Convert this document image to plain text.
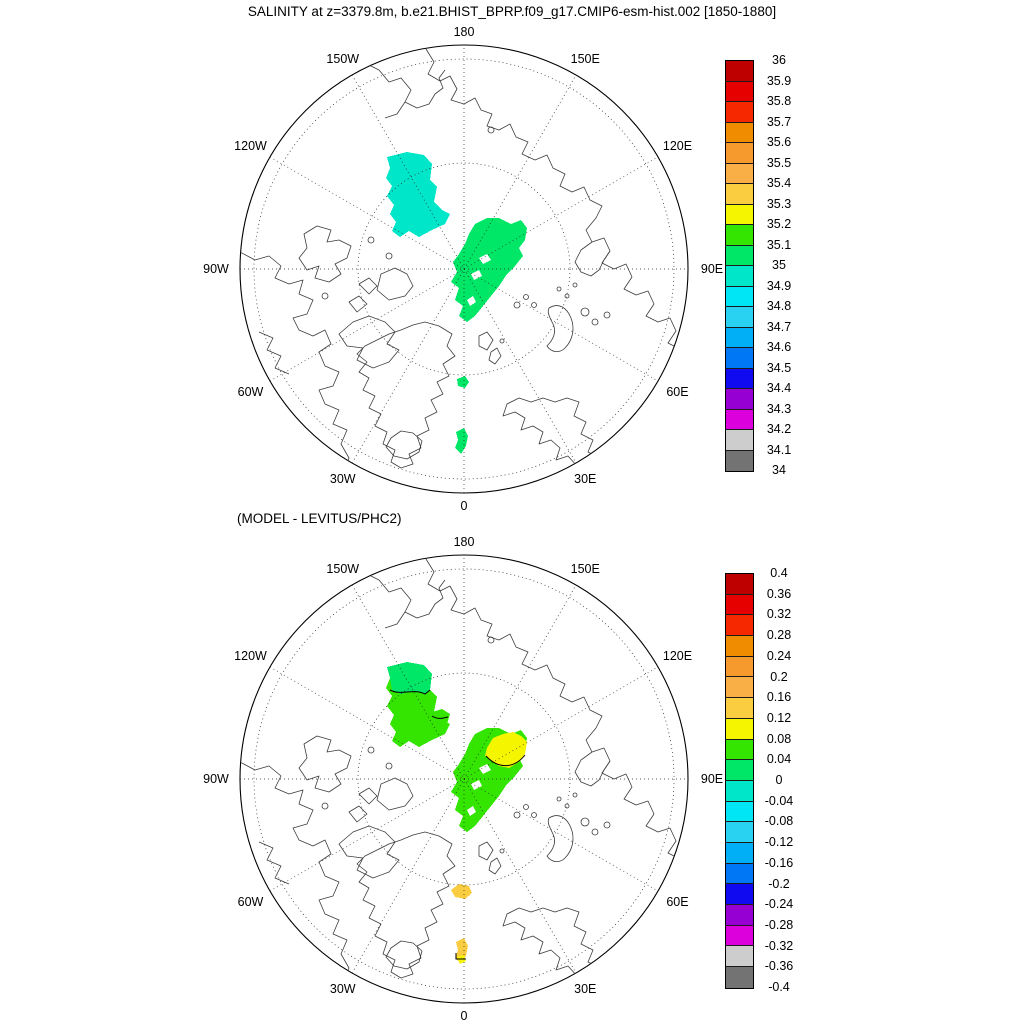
SALINITY at z=3379.8m, b.e21.BHIST_BPRP.f09_g17.CMIP6-esm-hist.002 [1850-1880]
(MODEL - LEVITUS/PHC2)
180
150W	150E
120W	120E
90W	90E
60W	60E
30W	30E
0
180
150W	150E
120W	120E
90W	90E
60W	60E
30W	30E
0
36
35.9
35.8
35.7
35.6
35.5
35.4
35.3
35.2
35.1
35
34.9
34.8
34.7
34.6
34.5
34.4
34.3
34.2
34.1
34
0.4
0.36
0.32
0.28
0.24
0.2
0.16
0.12
0.08
0.04
0
-0.04
-0.08
-0.12
-0.16
-0.2
-0.24
-0.28
-0.32
-0.36
-0.4
